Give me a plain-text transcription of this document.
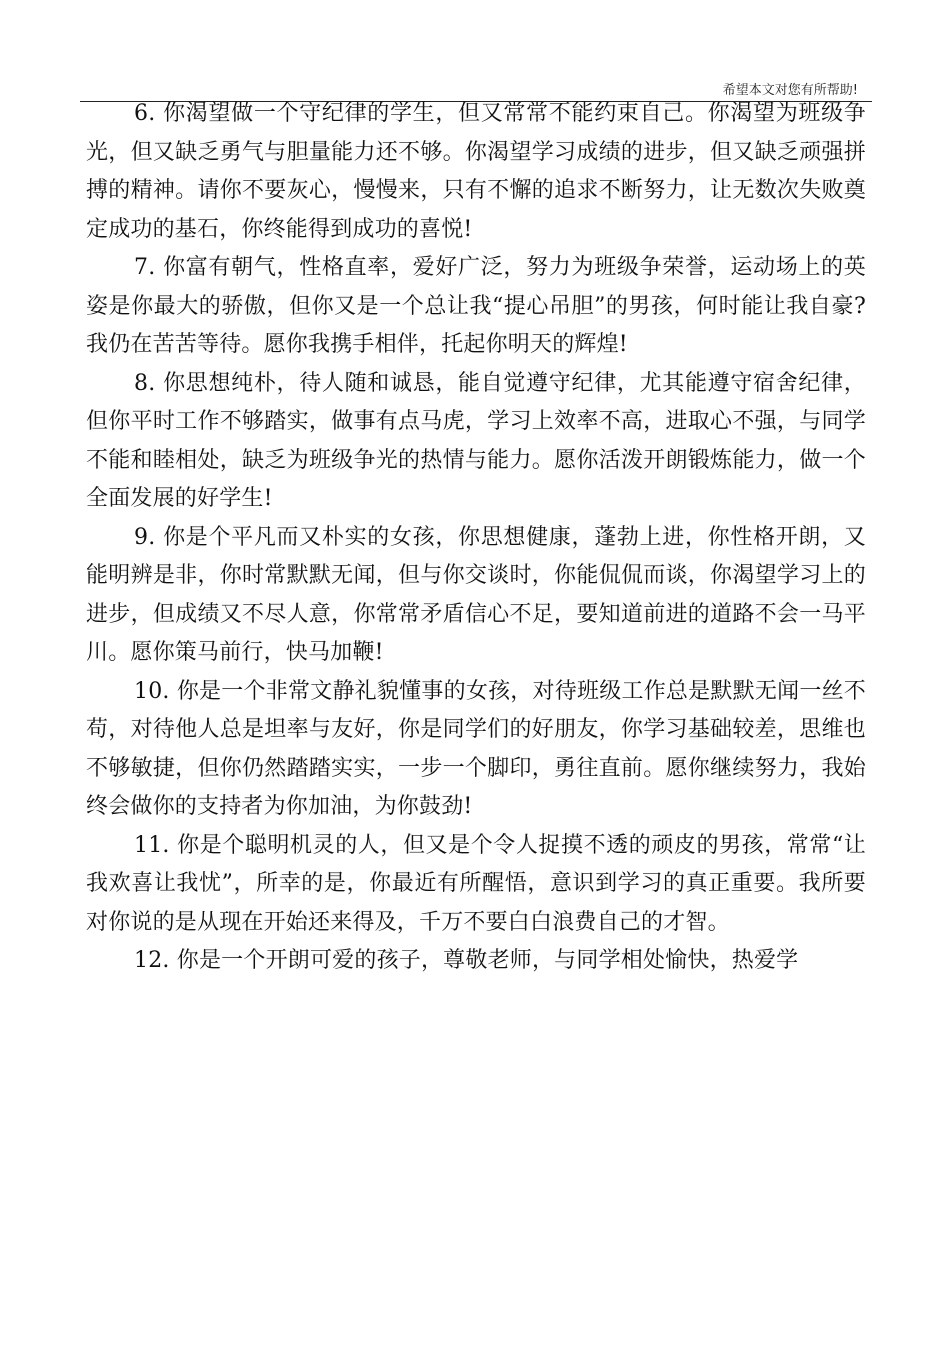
希望本文对您有所帮助!

6. 你渴望做一个守纪律的学生，但又常常不能约束自己。你渴望为班级争光，但又缺乏勇气与胆量能力还不够。你渴望学习成绩的进步，但又缺乏顽强拼搏的精神。请你不要灰心，慢慢来，只有不懈的追求不断努力，让无数次失败奠定成功的基石，你终能得到成功的喜悦!

7. 你富有朝气，性格直率，爱好广泛，努力为班级争荣誉，运动场上的英姿是你最大的骄傲，但你又是一个总让我“提心吊胆”的男孩，何时能让我自豪?我仍在苦苦等待。愿你我携手相伴，托起你明天的辉煌!

8. 你思想纯朴，待人随和诚恳，能自觉遵守纪律，尤其能遵守宿舍纪律，但你平时工作不够踏实，做事有点马虎，学习上效率不高，进取心不强，与同学不能和睦相处，缺乏为班级争光的热情与能力。愿你活泼开朗锻炼能力，做一个全面发展的好学生!

9. 你是个平凡而又朴实的女孩，你思想健康，蓬勃上进，你性格开朗，又能明辨是非，你时常默默无闻，但与你交谈时，你能侃侃而谈，你渴望学习上的进步，但成绩又不尽人意，你常常矛盾信心不足，要知道前进的道路不会一马平川。愿你策马前行，快马加鞭!

10. 你是一个非常文静礼貌懂事的女孩，对待班级工作总是默默无闻一丝不苟，对待他人总是坦率与友好，你是同学们的好朋友，你学习基础较差，思维也不够敏捷，但你仍然踏踏实实，一步一个脚印，勇往直前。愿你继续努力，我始终会做你的支持者为你加油，为你鼓劲!

11. 你是个聪明机灵的人，但又是个令人捉摸不透的顽皮的男孩，常常“让我欢喜让我忧”，所幸的是，你最近有所醒悟，意识到学习的真正重要。我所要对你说的是从现在开始还来得及，千万不要白白浪费自己的才智。

12. 你是一个开朗可爱的孩子，尊敬老师，与同学相处愉快，热爱学
